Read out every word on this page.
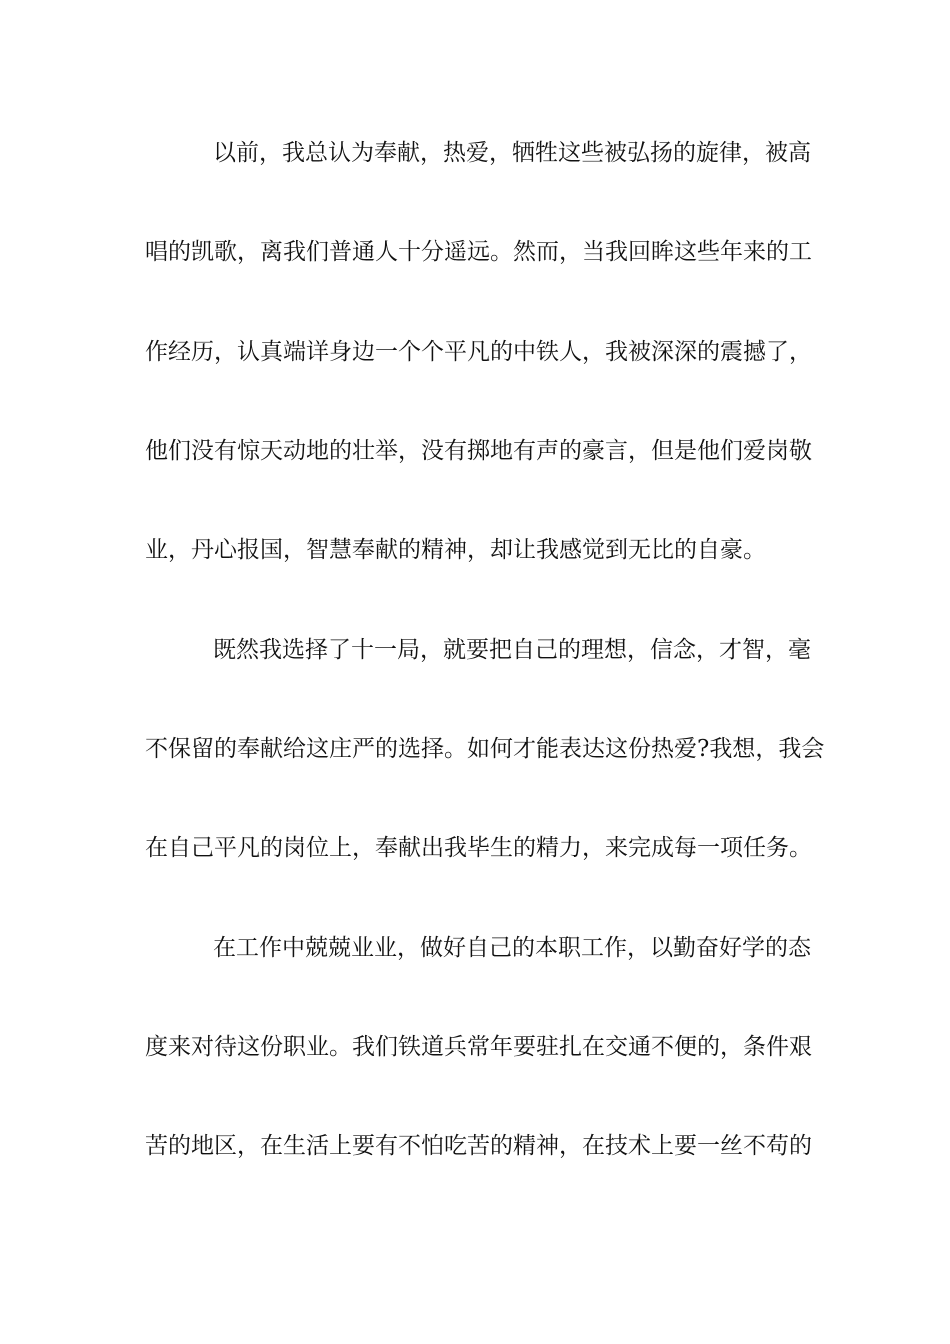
以前，我总认为奉献，热爱，牺牲这些被弘扬的旋律，被高
唱的凯歌，离我们普通人十分遥远。然而，当我回眸这些年来的工
作经历，认真端详身边一个个平凡的中铁人，我被深深的震撼了，
他们没有惊天动地的壮举，没有掷地有声的豪言，但是他们爱岗敬
业，丹心报国，智慧奉献的精神，却让我感觉到无比的自豪。
既然我选择了十一局，就要把自己的理想，信念，才智，毫
不保留的奉献给这庄严的选择。如何才能表达这份热爱?我想，我会
在自己平凡的岗位上，奉献出我毕生的精力，来完成每一项任务。
在工作中兢兢业业，做好自己的本职工作，以勤奋好学的态
度来对待这份职业。我们铁道兵常年要驻扎在交通不便的，条件艰
苦的地区，在生活上要有不怕吃苦的精神，在技术上要一丝不苟的
